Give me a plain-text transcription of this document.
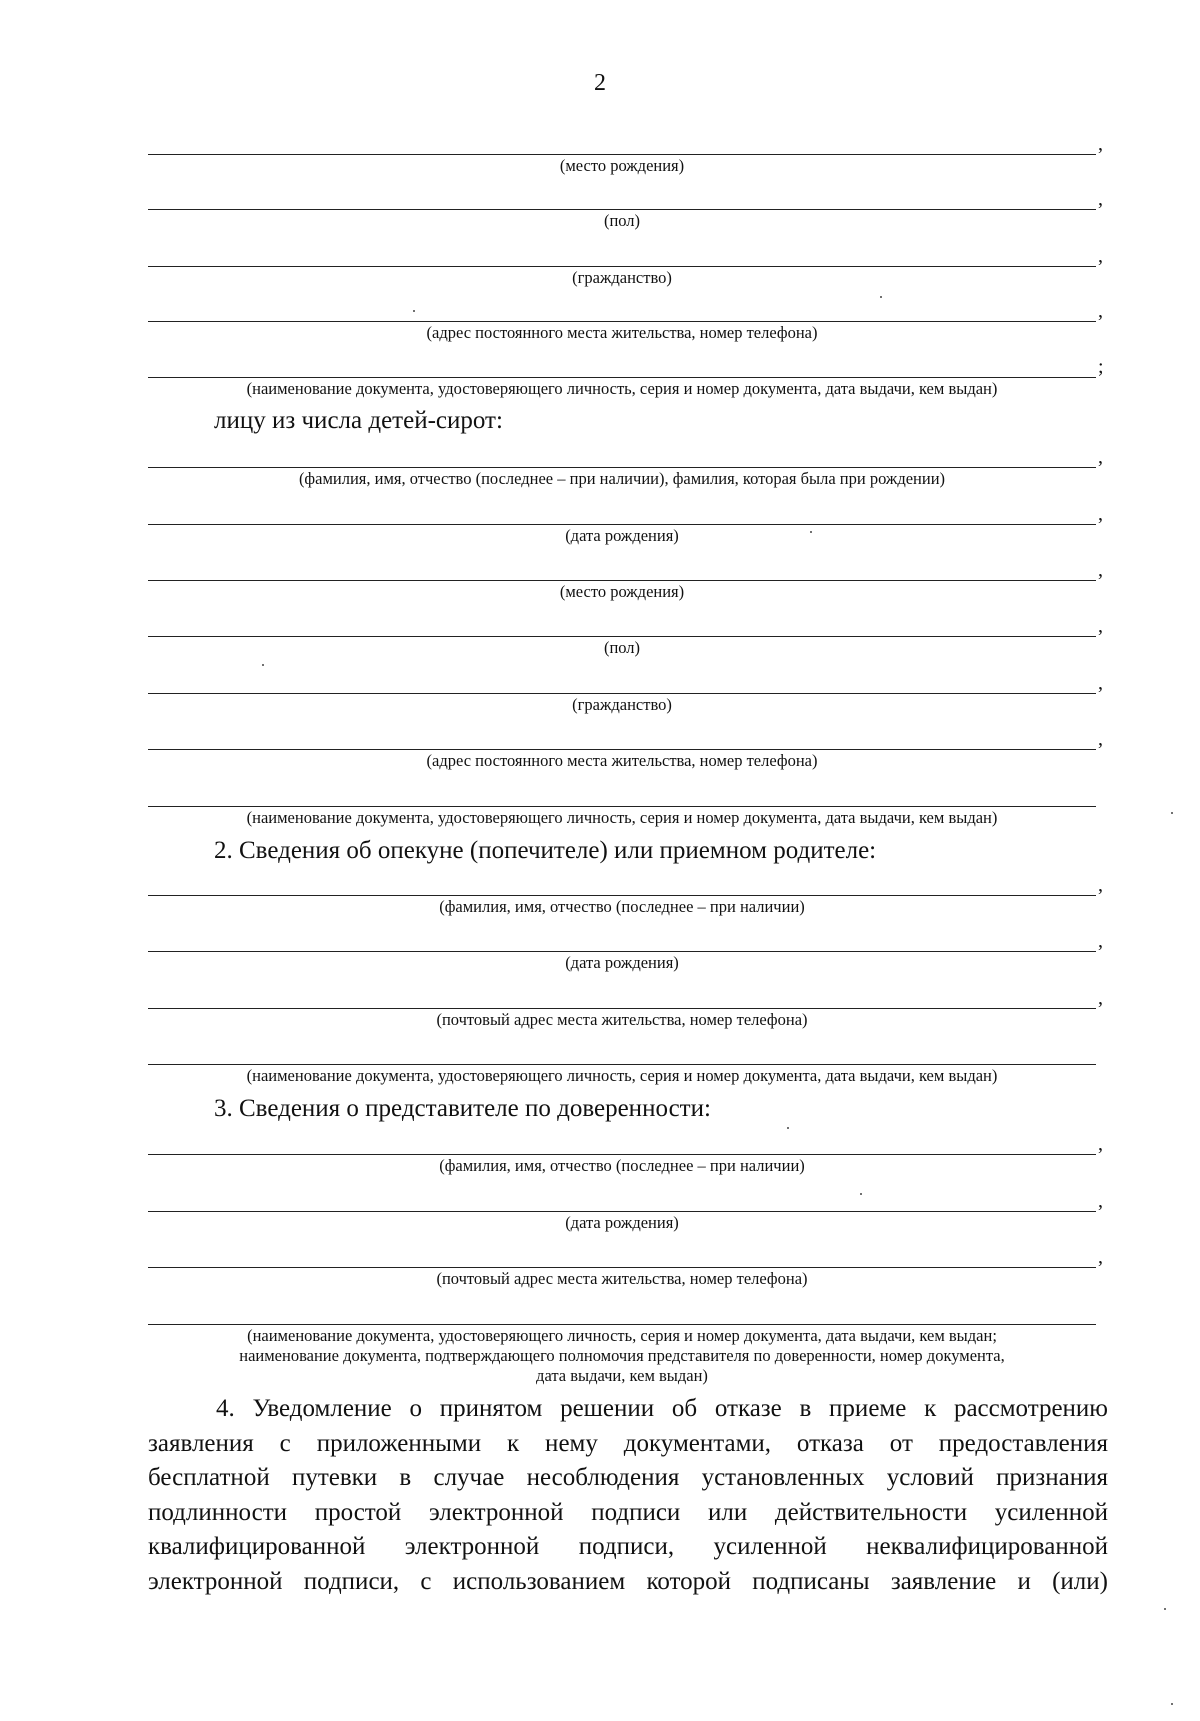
2
,
(место рождения)
,
(пол)
,
(гражданство)
,
(адрес постоянного места жительства, номер телефона)
;
(наименование документа, удостоверяющего личность, серия и номер документа, дата выдачи, кем выдан)
лицу из числа детей-сирот:
,
(фамилия, имя, отчество (последнее – при наличии), фамилия, которая была при рождении)
,
(дата рождения)
,
(место рождения)
,
(пол)
,
(гражданство)
,
(адрес постоянного места жительства, номер телефона)
(наименование документа, удостоверяющего личность, серия и номер документа, дата выдачи, кем выдан)
2. Сведения об опекуне (попечителе) или приемном родителе:
,
(фамилия, имя, отчество (последнее – при наличии)
,
(дата рождения)
,
(почтовый адрес места жительства, номер телефона)
(наименование документа, удостоверяющего личность, серия и номер документа, дата выдачи, кем выдан)
3. Сведения о представителе по доверенности:
,
(фамилия, имя, отчество (последнее – при наличии)
,
(дата рождения)
,
(почтовый адрес места жительства, номер телефона)
(наименование документа, удостоверяющего личность, серия и номер документа, дата выдачи, кем выдан;
наименование документа, подтверждающего полномочия представителя по доверенности, номер документа,
дата выдачи, кем выдан)
4. Уведомление о принятом решении об отказе в приеме к рассмотрению
заявления с приложенными к нему документами, отказа от предоставления
бесплатной путевки в случае несоблюдения установленных условий признания
подлинности простой электронной подписи или действительности усиленной
квалифицированной электронной подписи, усиленной неквалифицированной
электронной подписи, с использованием которой подписаны заявление и (или)
